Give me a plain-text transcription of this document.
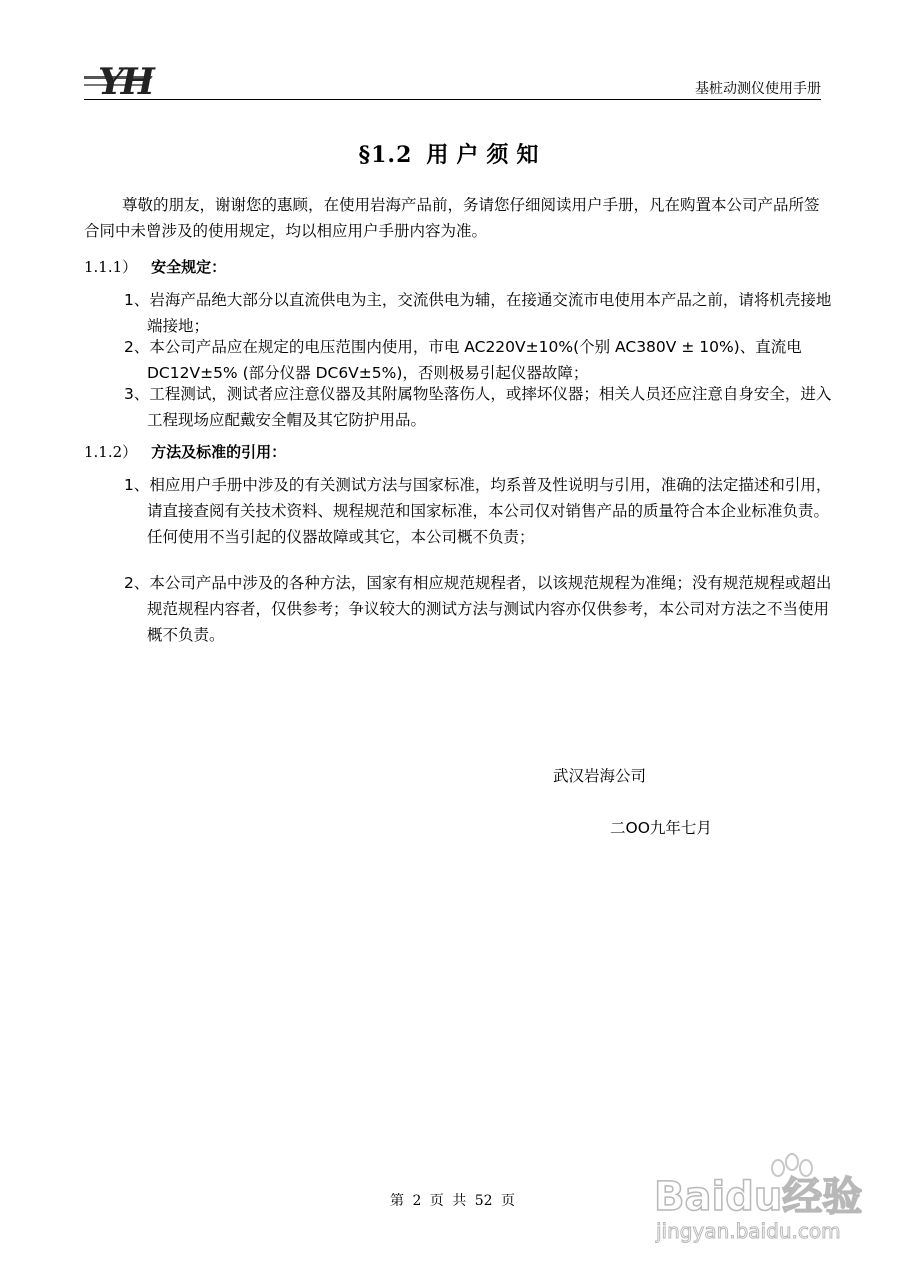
YH	基桩动测仪使用手册
§1.2 用户须知
尊敬的朋友，谢谢您的惠顾，在使用岩海产品前，务请您仔细阅读用户手册，凡在购置本公司产品所签合同中未曾涉及的使用规定，均以相应用户手册内容为准。
1.1.1） 安全规定：
1、岩海产品绝大部分以直流供电为主，交流供电为辅，在接通交流市电使用本产品之前，请将机壳接地端接地；
2、本公司产品应在规定的电压范围内使用，市电 AC220V±10%(个别 AC380V ± 10%)、直流电 DC12V±5% (部分仪器 DC6V±5%)，否则极易引起仪器故障；
3、工程测试，测试者应注意仪器及其附属物坠落伤人，或摔坏仪器；相关人员还应注意自身安全，进入工程现场应配戴安全帽及其它防护用品。
1.1.2） 方法及标准的引用：
1、相应用户手册中涉及的有关测试方法与国家标准，均系普及性说明与引用，准确的法定描述和引用，请直接查阅有关技术资料、规程规范和国家标准，本公司仅对销售产品的质量符合本企业标准负责。任何使用不当引起的仪器故障或其它，本公司概不负责；
2、本公司产品中涉及的各种方法，国家有相应规范规程者，以该规范规程为准绳；没有规范规程或超出规范规程内容者，仅供参考；争议较大的测试方法与测试内容亦仅供参考，本公司对方法之不当使用概不负责。
武汉岩海公司
二OO九年七月
第 2 页 共 52 页	Baidu经验
jingyan.baidu.com
